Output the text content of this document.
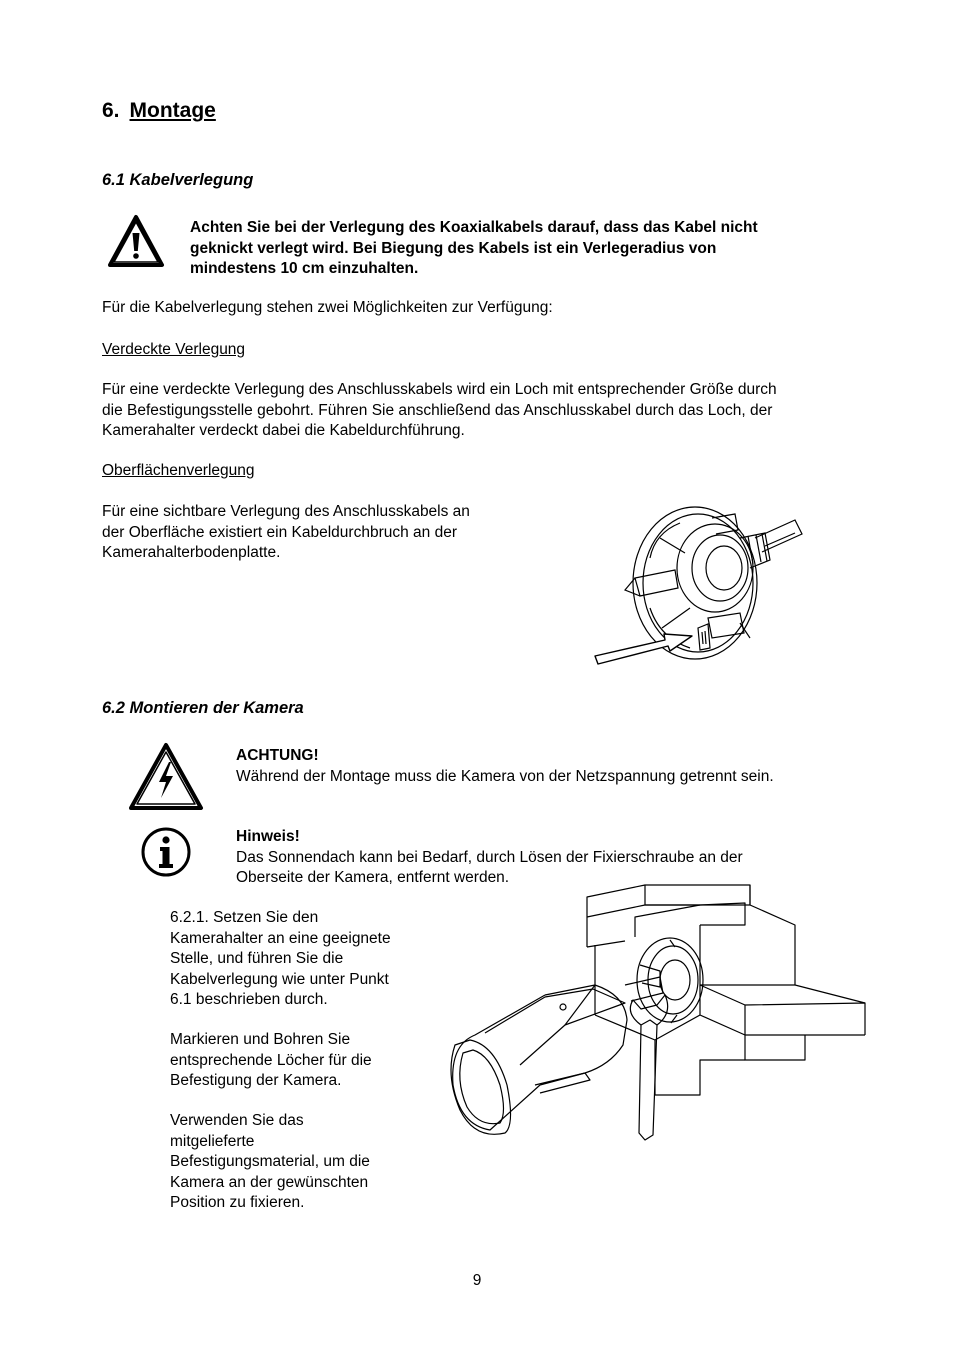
6. Montage
6.1 Kabelverlegung
Achten Sie bei der Verlegung des Koaxialkabels darauf, dass das Kabel nicht
geknickt verlegt wird. Bei Biegung des Kabels ist ein Verlegeradius von
mindestens 10 cm einzuhalten.
Für die Kabelverlegung stehen zwei Möglichkeiten zur Verfügung:
Verdeckte Verlegung
Für eine verdeckte Verlegung des Anschlusskabels wird ein Loch mit entsprechender Größe durch
die Befestigungsstelle gebohrt. Führen Sie anschließend das Anschlusskabel durch das Loch, der
Kamerahalter verdeckt dabei die Kabeldurchführung.
Oberflächenverlegung
Für eine sichtbare Verlegung des Anschlusskabels an
der Oberfläche existiert ein Kabeldurchbruch an der
Kamerahalterbodenplatte.
6.2 Montieren der Kamera
ACHTUNG!
Während der Montage muss die Kamera von der Netzspannung getrennt sein.
Hinweis!
Das Sonnendach kann bei Bedarf, durch Lösen der Fixierschraube an der
Oberseite der Kamera, entfernt werden.
6.2.1. Setzen Sie den
Kamerahalter an eine geeignete
Stelle, und führen Sie die
Kabelverlegung wie unter Punkt
6.1 beschrieben durch.
Markieren und Bohren Sie
entsprechende Löcher für die
Befestigung der Kamera.
Verwenden Sie das
mitgelieferte
Befestigungsmaterial, um die
Kamera an der gewünschten
Position zu fixieren.
9
